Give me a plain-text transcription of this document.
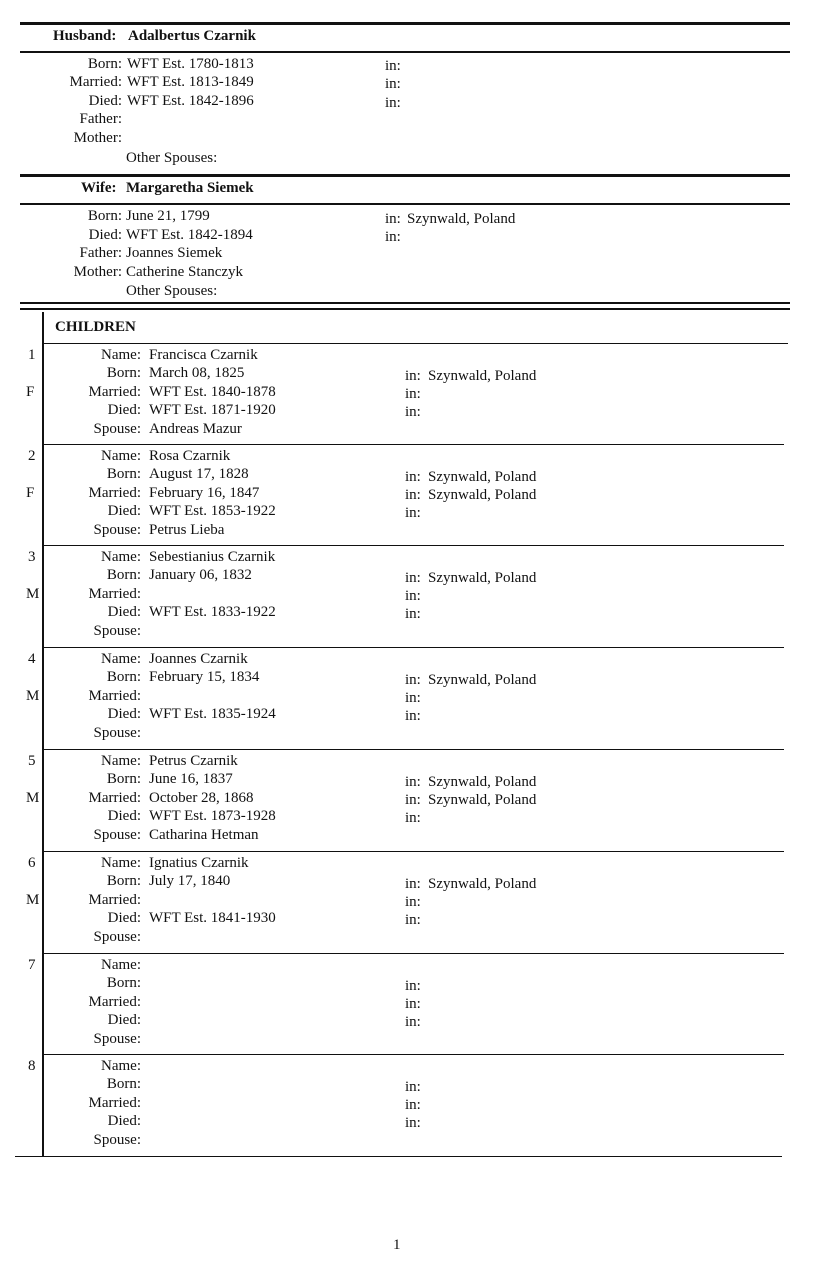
Husband: Adalbertus Czarnik
Born: WFT Est. 1780-1813	in:
Married: WFT Est. 1813-1849	in:
Died: WFT Est. 1842-1896	in:
Father:
Mother:
Other Spouses:
Wife: Margaretha Siemek
Born: June 21, 1799	in: Szynwald, Poland
Died: WFT Est. 1842-1894	in:
Father: Joannes Siemek
Mother: Catherine Stanczyk
Other Spouses:
CHILDREN
1
F
Name: Francisca Czarnik
Born: March 08, 1825	in: Szynwald, Poland
Married: WFT Est. 1840-1878	in:
Died: WFT Est. 1871-1920	in:
Spouse: Andreas Mazur
2
F
Name: Rosa Czarnik
Born: August 17, 1828	in: Szynwald, Poland
Married: February 16, 1847	in: Szynwald, Poland
Died: WFT Est. 1853-1922	in:
Spouse: Petrus Lieba
3
M
Name: Sebestianius Czarnik
Born: January 06, 1832	in: Szynwald, Poland
Married:	in:
Died: WFT Est. 1833-1922	in:
Spouse:
4
M
Name: Joannes Czarnik
Born: February 15, 1834	in: Szynwald, Poland
Married:	in:
Died: WFT Est. 1835-1924	in:
Spouse:
5
M
Name: Petrus Czarnik
Born: June 16, 1837	in: Szynwald, Poland
Married: October 28, 1868	in: Szynwald, Poland
Died: WFT Est. 1873-1928	in:
Spouse: Catharina Hetman
6
M
Name: Ignatius Czarnik
Born: July 17, 1840	in: Szynwald, Poland
Married:	in:
Died: WFT Est. 1841-1930	in:
Spouse:
7	Name:
Born:	in:
Married:	in:
Died:	in:
Spouse:
8	Name:
Born:	in:
Married:	in:
Died:	in:
Spouse:
1
